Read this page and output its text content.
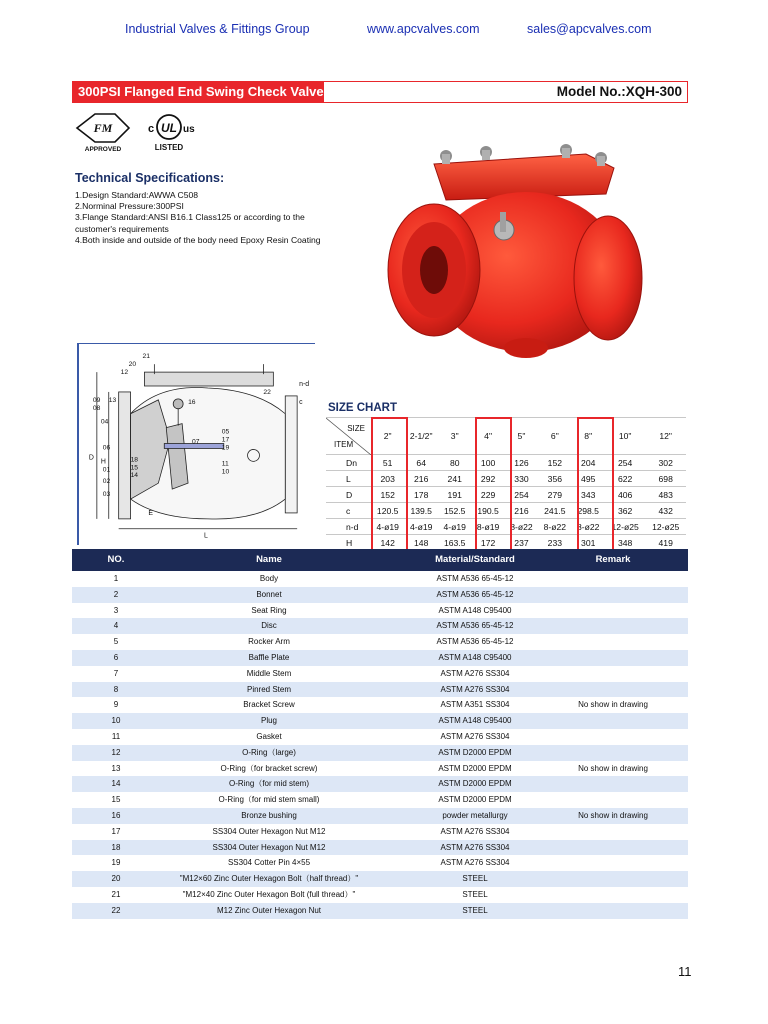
Industrial Valves & Fittings Group	www.apcvalves.com	sales@apcvalves.com
300PSI Flanged End Swing Check Valve	Model No.:XQH-300
FM
APPROVED
c UL us
LISTED
Technical Specifications:
1.Design Standard:AWWA C508
2.Norminal Pressure:300PSI
3.Flange Standard:ANSI B16.1 Class125 or according to the
customer's requirements
4.Both inside and outside of the body need Epoxy Resin Coating
21
20
12
22
09
08
13	16
04
06
01
02
03
05
17
19
18
15
14
11
10
07
D
H
L
n-d
c
E
SIZE CHART
SIZE
ITEM	2"	2-1/2"	3"	4"	5"	6"	8"	10"	12"
Dn	51	64	80	100	126	152	204	254	302
L	203	216	241	292	330	356	495	622	698
D	152	178	191	229	254	279	343	406	483
c	120.5	139.5	152.5	190.5	216	241.5	298.5	362	432
n-d	4-ø19	4-ø19	4-ø19	8-ø19	8-ø22	8-ø22	8-ø22	12-ø25	12-ø25
H	142	148	163.5	172	237	233	301	348	419
NO.	Name	Material/Standard	Remark
1	Body	ASTM A536 65-45-12
2	Bonnet	ASTM A536 65-45-12
3	Seat Ring	ASTM A148 C95400
4	Disc	ASTM A536 65-45-12
5	Rocker Arm	ASTM A536 65-45-12
6	Baffle Plate	ASTM A148 C95400
7	Middle Stem	ASTM A276 SS304
8	Pinred Stem	ASTM A276 SS304
9	Bracket Screw	ASTM A351 SS304	No show in drawing
10	Plug	ASTM A148 C95400
11	Gasket	ASTM A276 SS304
12	O-Ring（large)	ASTM D2000 EPDM
13	O-Ring（for bracket screw)	ASTM D2000 EPDM	No show in drawing
14	O-Ring（for mid stem)	ASTM D2000 EPDM
15	O-Ring（for mid stem small)	ASTM D2000 EPDM
16	Bronze bushing	powder metallurgy	No show in drawing
17	SS304 Outer Hexagon Nut M12	ASTM A276 SS304
18	SS304 Outer Hexagon Nut M12	ASTM A276 SS304
19	SS304 Cotter Pin 4×55	ASTM A276 SS304
20	"M12×60 Zinc Outer Hexagon Bolt（half thread）"	STEEL
21	"M12×40 Zinc Outer Hexagon Bolt (full thread）"	STEEL
22	M12 Zinc Outer Hexagon Nut	STEEL
11
